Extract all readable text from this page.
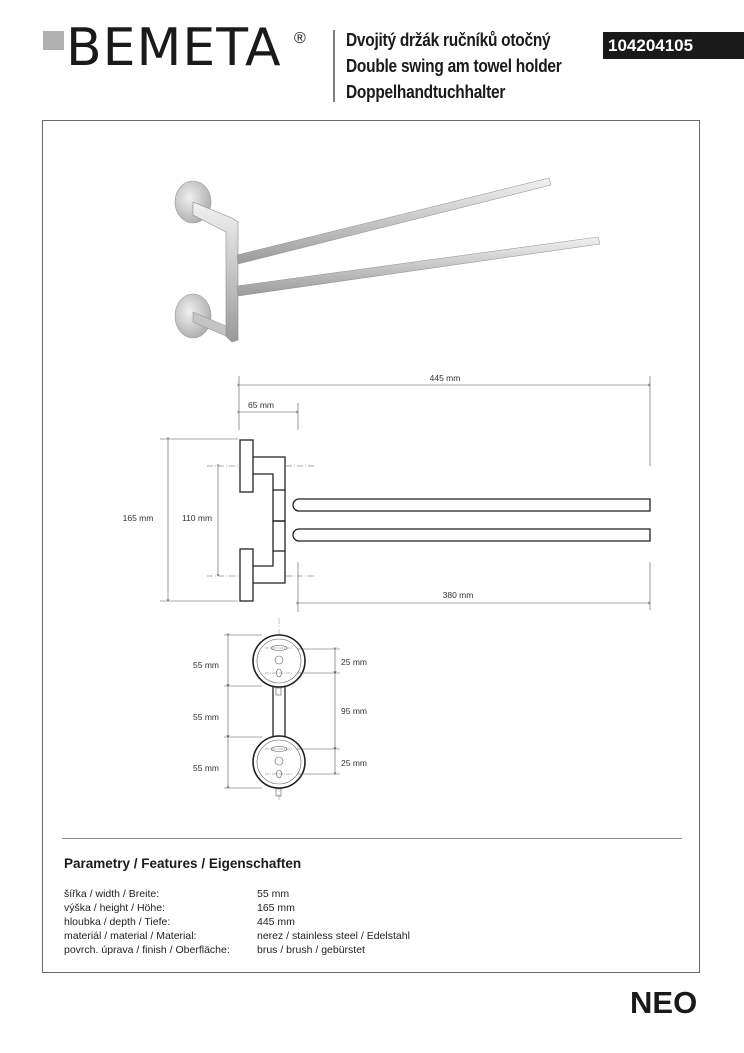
BEMETA ® Dvojitý držák ručníků otočný
Double swing am towel holder
Doppelhandtuchhalter
104204105
445 mm
65 mm
165 mm	110 mm
380 mm
55 mm
55 mm
55 mm
25 mm
95 mm
25 mm
Parametry / Features / Eigenschaften
šířka / width / Breite:	55 mm
výška / height / Höhe:	165 mm
hloubka / depth / Tiefe:	445 mm
materiál / material / Material:	nerez / stainless steel / Edelstahl
povrch. úprava / finish / Oberfläche:	brus / brush / gebürstet
NEO
